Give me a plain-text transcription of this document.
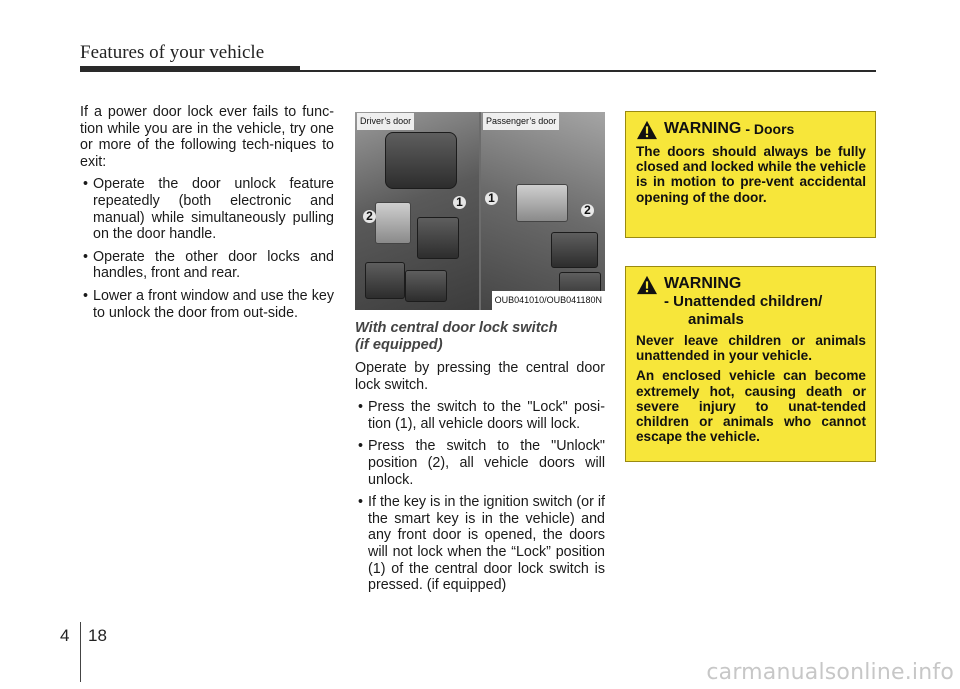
Features of your vehicle

If a power door lock ever fails to func-tion while you are in the vehicle, try one or more of the following tech-niques to exit:

• Operate the door unlock feature repeatedly (both electronic and manual) while simultaneously pulling on the door handle.
• Operate the other door locks and handles, front and rear.
• Lower a front window and use the key to unlock the door from out-side.
2
1
Driver’s door
1
2
Passenger’s door
OUB041010/OUB041180N
With central door lock switch
(if equipped)

Operate by pressing the central door lock switch.

• Press the switch to the "Lock" posi-tion (1), all vehicle doors will lock.
• Press the switch to the "Unlock" position (2), all vehicle doors will unlock.
• If the key is in the ignition switch (or if the smart key is in the vehicle) and any front door is opened, the doors will not lock when the “Lock” position (1) of the central door lock switch is pressed. (if equipped)
WARNING - Doors

The doors should always be fully closed and locked while the vehicle is in motion to pre-vent accidental opening of the door.

WARNING
- Unattended children/
animals

Never leave children or animals unattended in your vehicle.

An enclosed vehicle can become extremely hot, causing death or severe injury to unat-tended children or animals who cannot escape the vehicle.

4 18
carmanualsonline.info
